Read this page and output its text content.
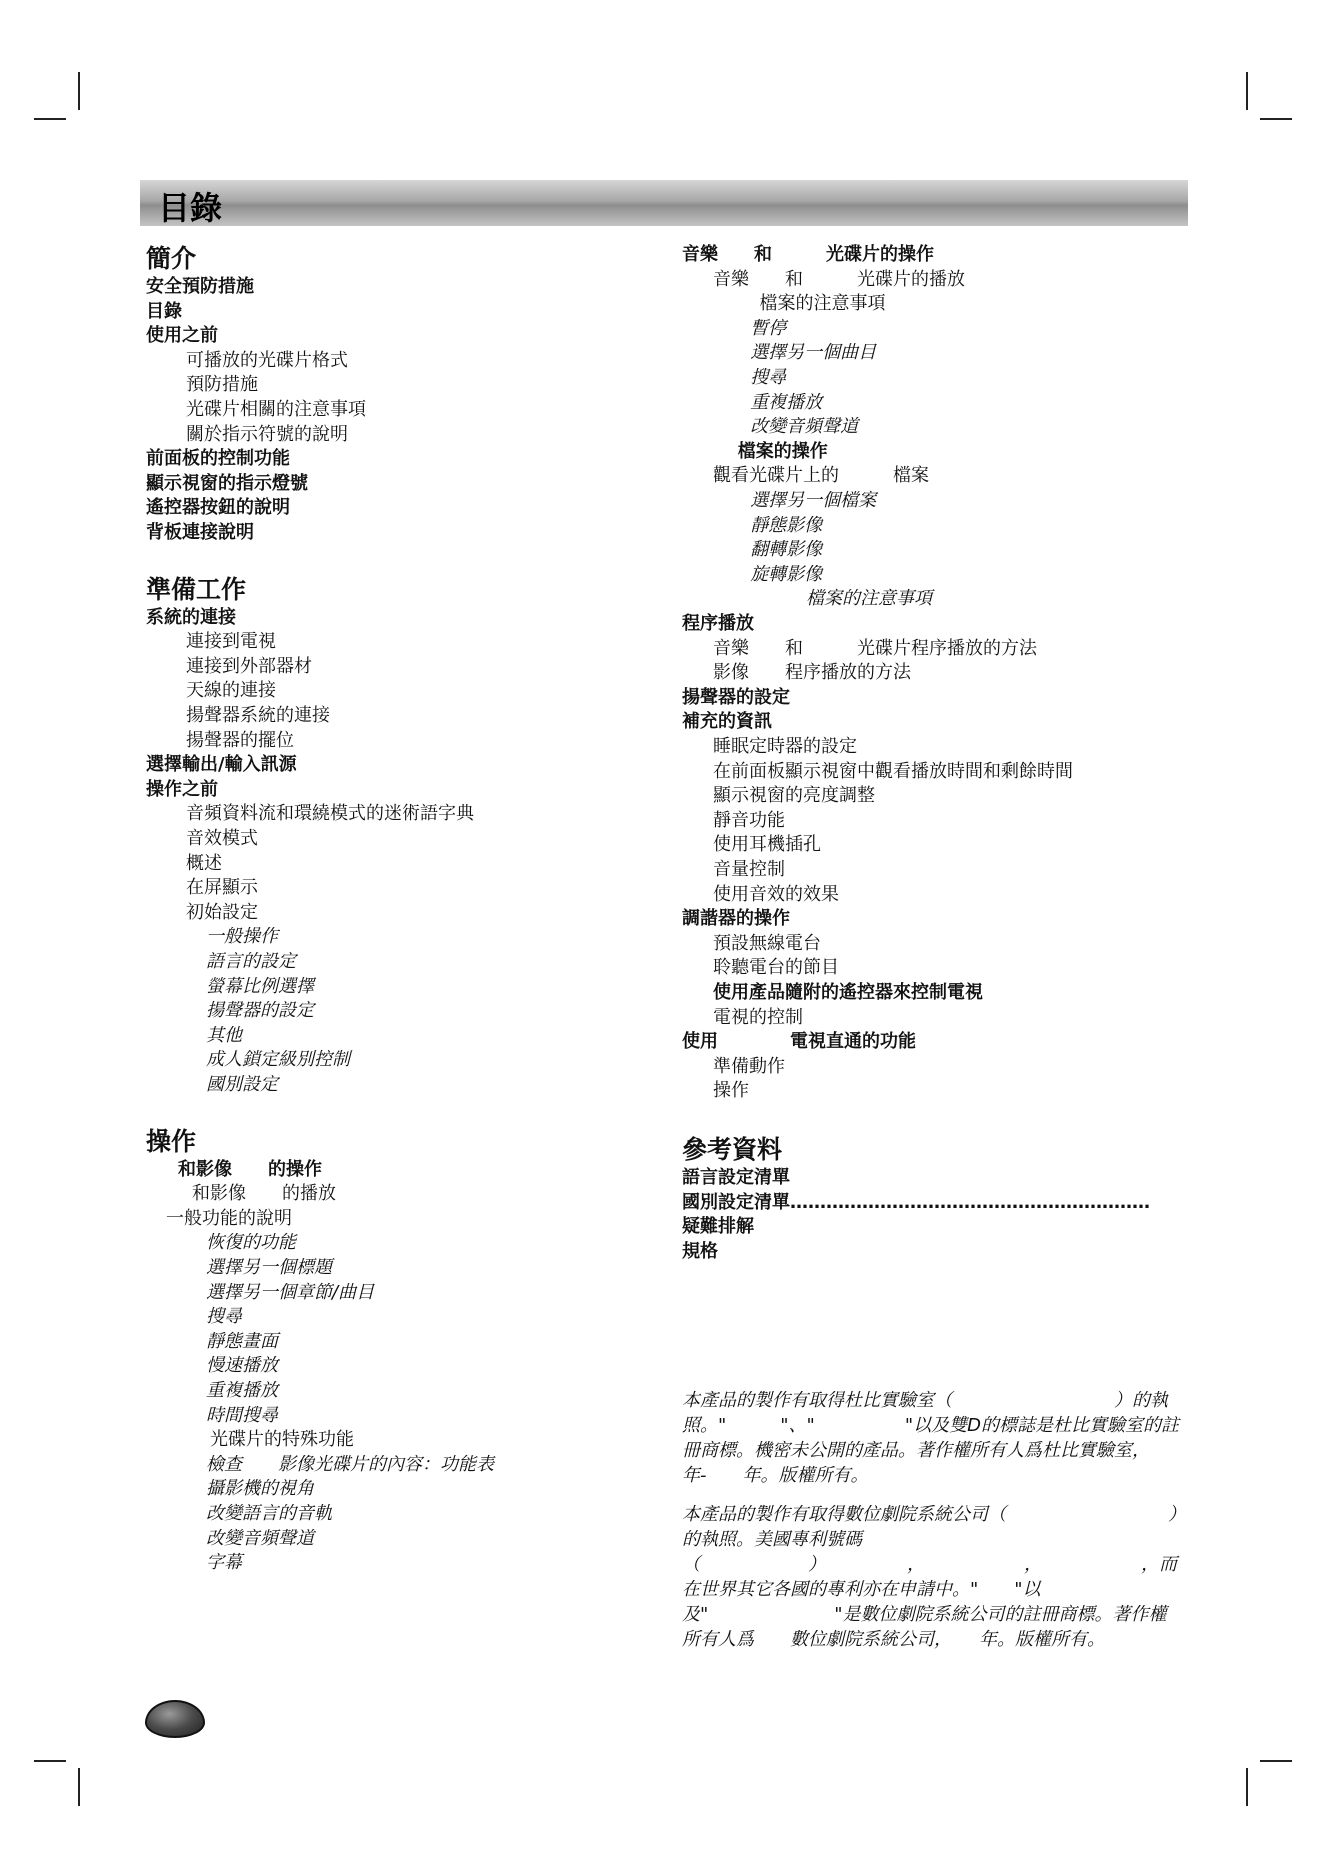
目錄
簡介
安全預防措施
目錄
使用之前
可播放的光碟片格式
預防措施
光碟片相關的注意事項
關於指示符號的說明
前面板的控制功能
顯示視窗的指示燈號
遙控器按鈕的說明
背板連接說明
準備工作
系統的連接
連接到電視
連接到外部器材
天線的連接
揚聲器系統的連接
揚聲器的擺位
選擇輸出/輸入訊源
操作之前
音頻資料流和環繞模式的迷術語字典
音效模式
概述
在屏顯示
初始設定
一般操作
語言的設定
螢幕比例選擇
揚聲器的設定
其他
成人鎖定級別控制
國別設定
操作
和影像　　的操作
和影像　　的播放
一般功能的說明
恢復的功能
選擇另一個標題
選擇另一個章節/曲目
搜尋
靜態畫面
慢速播放
重複播放
時間搜尋
光碟片的特殊功能
檢查　　影像光碟片的內容：功能表
攝影機的視角
改變語言的音軌
改變音頻聲道
字幕
音樂　　和　　　光碟片的操作
音樂　　和　　　光碟片的播放
檔案的注意事項
暫停
選擇另一個曲目
搜尋
重複播放
改變音頻聲道
檔案的操作
觀看光碟片上的　　　檔案
選擇另一個檔案
靜態影像
翻轉影像
旋轉影像
檔案的注意事項
程序播放
音樂　　和　　　光碟片程序播放的方法
影像　　程序播放的方法
揚聲器的設定
補充的資訊
睡眠定時器的設定
在前面板顯示視窗中觀看播放時間和剩餘時間
顯示視窗的亮度調整
靜音功能
使用耳機插孔
音量控制
使用音效的效果
調諧器的操作
預設無線電台
聆聽電台的節目
使用產品隨附的遙控器來控制電視
電視的控制
使用　　　　電視直通的功能
準備動作
操作
參考資料
語言設定清單
國別設定清單……………………………………………………
疑難排解
規格

本產品的製作有取得杜比實驗室（　　　　　　　　　）的執照。"　　　"、"　　　　　"以及雙D的標誌是杜比實驗室的註冊商標。機密未公開的產品。著作權所有人爲杜比實驗室，　　年-　　年。版權所有。

本產品的製作有取得數位劇院系統公司（　　　　　　　　　）的執照。美國專利號碼（　　　　　　）　　　　　，　　　　　　，　　　　　　，而在世界其它各國的專利亦在申請中。"　　"以及"　　　　　　　"是數位劇院系統公司的註冊商標。著作權所有人爲　　數位劇院系統公司，　　年。版權所有。
